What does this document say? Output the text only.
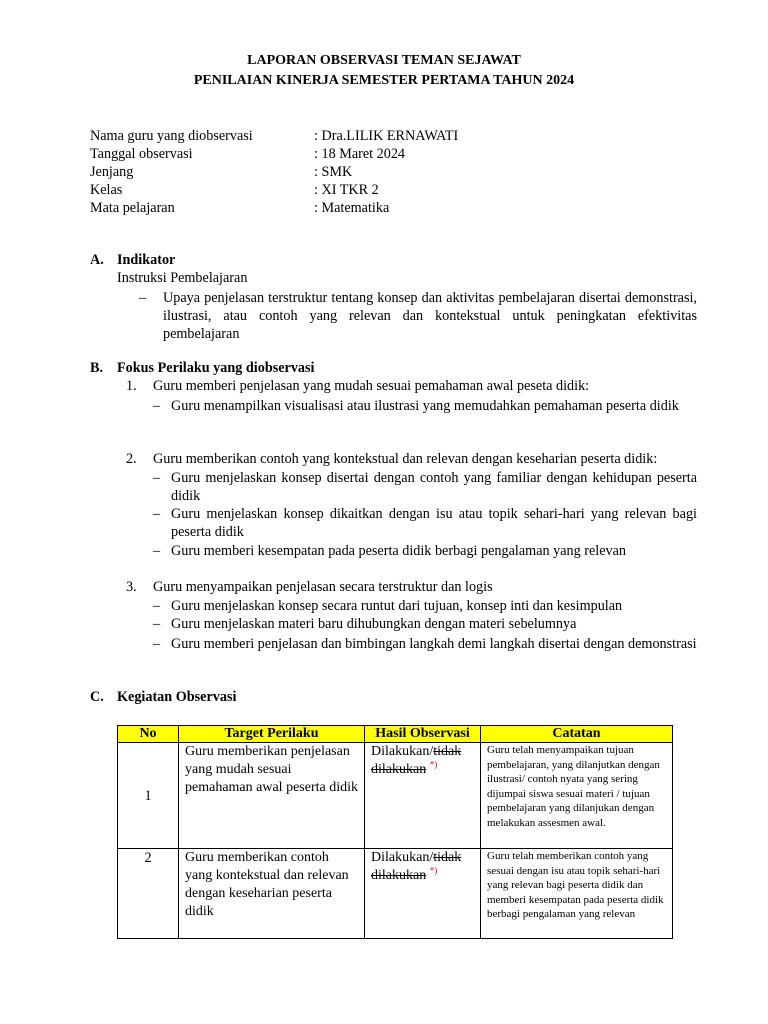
LAPORAN OBSERVASI TEMAN SEJAWAT
PENILAIAN KINERJA SEMESTER PERTAMA TAHUN 2024
Nama guru yang diobservasi	: Dra.LILIK ERNAWATI
Tanggal observasi	: 18 Maret 2024
Jenjang	: SMK
Kelas	: XI TKR 2
Mata pelajaran	: Matematika
A. Indikator
Instruksi Pembelajaran
– Upaya penjelasan terstruktur tentang konsep dan aktivitas pembelajaran disertai demonstrasi, ilustrasi, atau contoh yang relevan dan kontekstual untuk peningkatan efektivitas pembelajaran
B. Fokus Perilaku yang diobservasi
1. Guru memberi penjelasan yang mudah sesuai pemahaman awal peseta didik:
– Guru menampilkan visualisasi atau ilustrasi yang memudahkan pemahaman peserta didik
2. Guru memberikan contoh yang kontekstual dan relevan dengan keseharian peserta didik:
– Guru menjelaskan konsep disertai dengan contoh yang familiar dengan kehidupan peserta didik
– Guru menjelaskan konsep dikaitkan dengan isu atau topik sehari-hari yang relevan bagi peserta didik
– Guru memberi kesempatan pada peserta didik berbagi pengalaman yang relevan
3. Guru menyampaikan penjelasan secara terstruktur dan logis
– Guru menjelaskan konsep secara runtut dari tujuan, konsep inti dan kesimpulan
– Guru menjelaskan materi baru dihubungkan dengan materi sebelumnya
– Guru memberi penjelasan dan bimbingan langkah demi langkah disertai dengan demonstrasi
C. Kegiatan Observasi
No	Target Perilaku	Hasil Observasi	Catatan
1	Guru memberikan penjelasan yang mudah sesuai pemahaman awal peserta didik	Dilakukan/tidak dilakukan *)	Guru telah menyampaikan tujuan pembelajaran, yang dilanjutkan dengan ilustrasi/ contoh nyata yang sering dijumpai siswa sesuai materi / tujuan pembelajaran yang dilanjukan dengan melakukan assesmen awal.
2	Guru memberikan contoh yang kontekstual dan relevan dengan keseharian peserta didik	Dilakukan/tidak dilakukan *)	Guru telah memberikan contoh yang sesuai dengan isu atau topik sehari-hari yang relevan bagi peserta didik dan memberi kesempatan pada peserta didik berbagi pengalaman yang relevan
